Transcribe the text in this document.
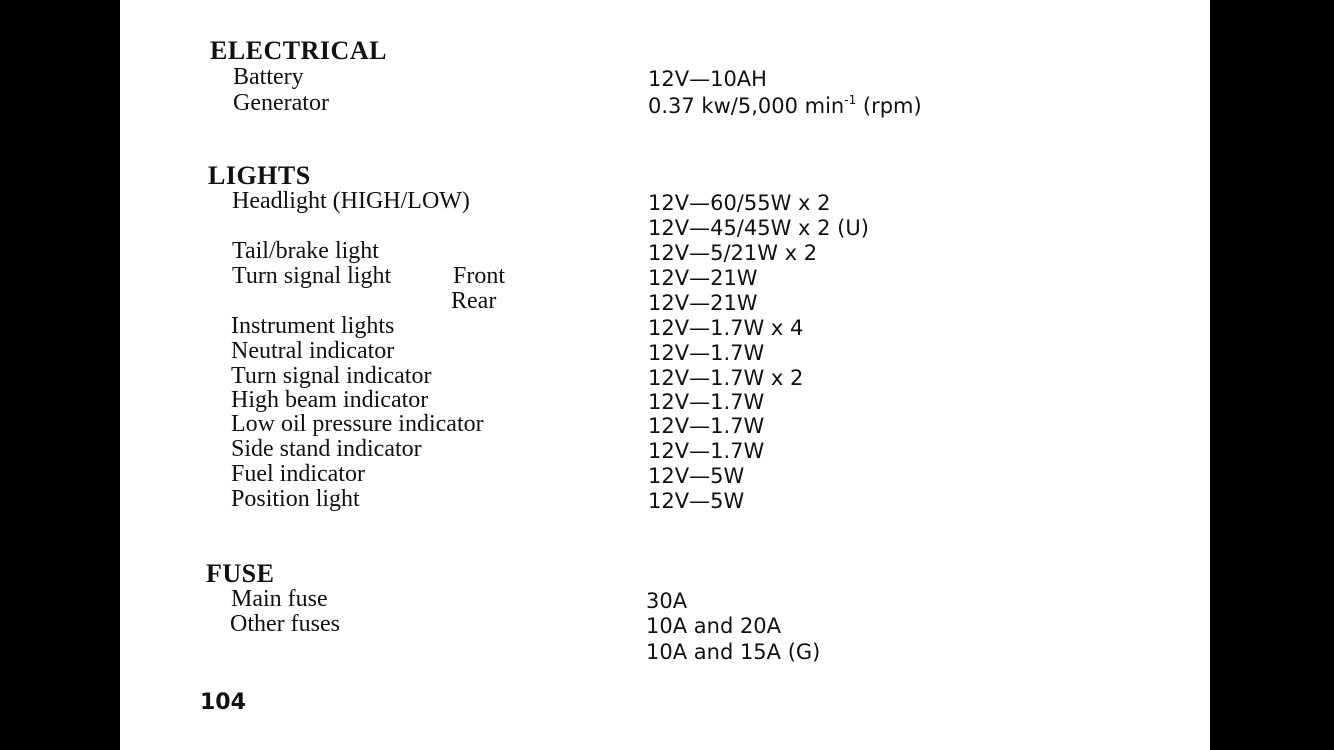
ELECTRICAL
Battery	12V—10AH
Generator	0.37 kw/5,000 $\min^{-1} (rpm)$
LIGHTS
Headlight (HIGH/LOW)	12V—60/55W x 2
12V—45/45W x 2 (U)
Tail/brake light	12V—5/21W x 2
Turn signal light	Front	12V—21W
Rear	12V—21W
Instrument lights	12V—1.7W x 4
Neutral indicator	12V—1.7W
Turn signal indicator	12V—1.7W x 2
High beam indicator	12V—1.7W
Low oil pressure indicator	12V—1.7W
Side stand indicator	12V—1.7W
Fuel indicator	12V—5W
Position light	12V—5W
FUSE
Main fuse	30A
Other fuses	10A and 20A
10A and 15A (G)
104
